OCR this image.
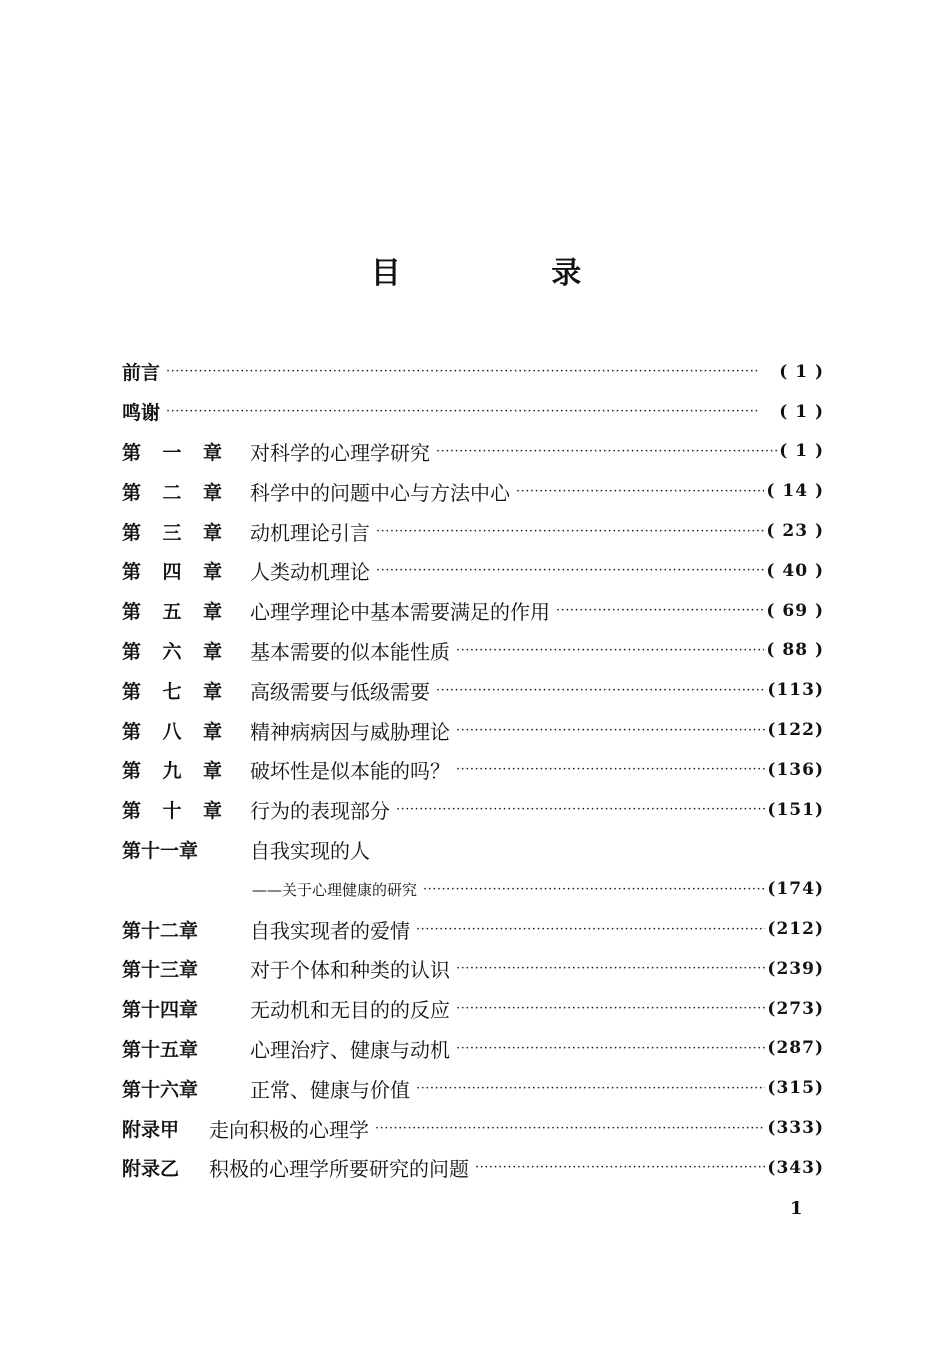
目 录
前言 ·····	( 1 )
鸣谢 ·····	( 1 )
第 一 章 对科学的心理学研究 ·····	( 1 )
第 二 章 科学中的问题中心与方法中心 ·····	( 14 )
第 三 章 动机理论引言 ·····	( 23 )
第 四 章 人类动机理论 ·····	( 40 )
第 五 章 心理学理论中基本需要满足的作用 ·····	( 69 )
第 六 章 基本需要的似本能性质 ·····	( 88 )
第 七 章 高级需要与低级需要 ·····	(113)
第 八 章 精神病病因与威胁理论 ·····	(122)
第 九 章 破坏性是似本能的吗？ ·····	(136)
第 十 章 行为的表现部分 ·····	(151)
第十一章	自我实现的人
——关于心理健康的研究 ·····	(174)
第十二章	自我实现者的爱情 ·····	(212)
第十三章	对于个体和种类的认识 ·····	(239)
第十四章	无动机和无目的的反应 ·····	(273)
第十五章	心理治疗、健康与动机 ·····	(287)
第十六章	正常、健康与价值 ·····	(315)
附录甲 走向积极的心理学 ·····	(333)
附录乙 积极的心理学所要研究的问题 ·····	(343)
1
